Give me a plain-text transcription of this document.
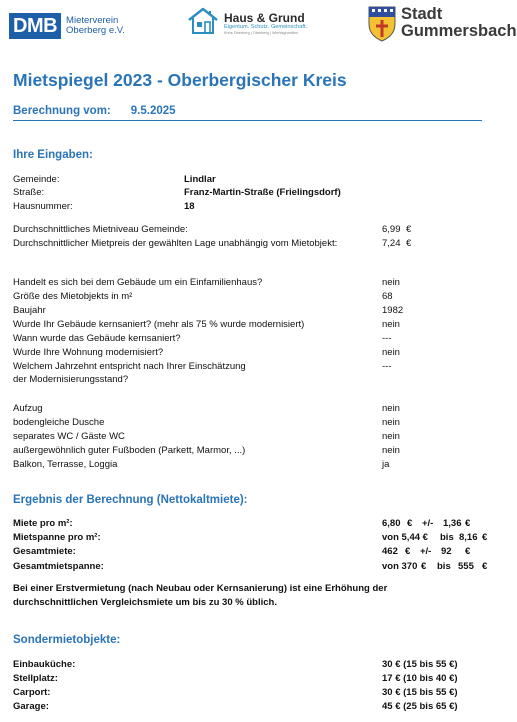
DMB Mieterverein
Oberberg e.V.
Haus & Grund
Eigentum. Schutz. Gemeinschaft.
Kreis Oberberg | Oberberg | Wiehlsgrundien
Stadt
Gummersbach
Mietspiegel 2023 - Oberbergischer Kreis
Berechnung vom: 9.5.2025
Ihre Eingaben:
Gemeinde:	Lindlar
Straße:	Franz-Martin-Straße (Frielingsdorf)
Hausnummer:	18
Durchschnittliches Mietniveau Gemeinde:	6,99 €
Durchschnittlicher Mietpreis der gewählten Lage unabhängig vom Mietobjekt:	7,24 €
Handelt es sich bei dem Gebäude um ein Einfamilienhaus?	nein
Größe des Mietobjekts in m²	68
Baujahr	1982
Wurde Ihr Gebäude kernsaniert? (mehr als 75 % wurde modernisiert)	nein
Wann wurde das Gebäude kernsaniert?	---
Wurde Ihre Wohnung modernisiert?	nein
Welchem Jahrzehnt entspricht nach Ihrer Einschätzung
der Modernisierungsstand?
---
Aufzug	nein
bodengleiche Dusche	nein
separates WC / Gäste WC	nein
außergewöhnlich guter Fußboden (Parkett, Marmor, ...)	nein
Balkon, Terrasse, Loggia	ja
Ergebnis der Berechnung (Nettokaltmiete):
Miete pro m²:	6,80 € +/- 1,36 €
Mietspanne pro m²:	von 5,44 € bis 8,16 €
Gesamtmiete:	462 € +/- 92 €
Gesamtmietspanne:	von 370 € bis 555 €
Bei einer Erstvermietung (nach Neubau oder Kernsanierung) ist eine Erhöhung der
durchschnittlichen Vergleichsmiete um bis zu 30 % üblich.
Sondermietobjekte:
Einbauküche:	30 € (15 bis 55 €)
Stellplatz:	17 € (10 bis 40 €)
Carport:	30 € (15 bis 55 €)
Garage:	45 € (25 bis 65 €)
